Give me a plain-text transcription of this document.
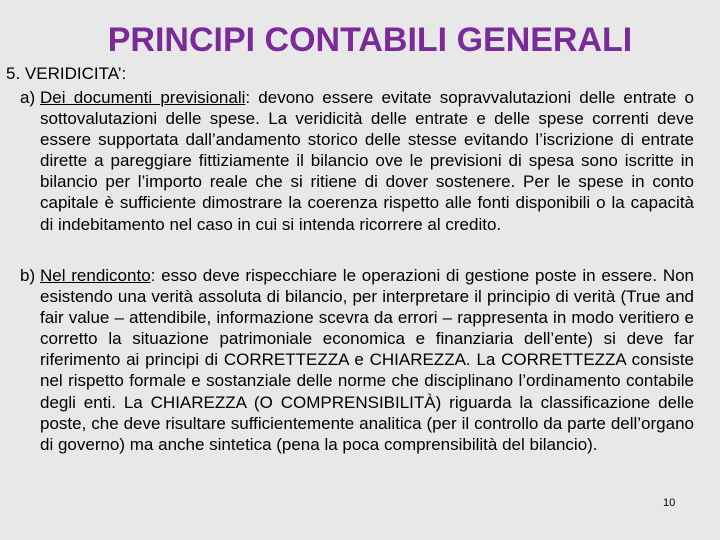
PRINCIPI CONTABILI GENERALI

5. VERIDICITA’:

a) Dei documenti previsionali: devono essere evitate sopravvalutazioni delle entrate o sottovalutazioni delle spese. La veridicità delle entrate e delle spese correnti deve essere supportata dall’andamento storico delle stesse evitando l’iscrizione di entrate dirette a pareggiare fittiziamente il bilancio ove le previsioni di spesa sono iscritte in bilancio per l’importo reale che si ritiene di dover sostenere. Per le spese in conto capitale è sufficiente dimostrare la coerenza rispetto alle fonti disponibili o la capacità di indebitamento nel caso in cui si intenda ricorrere al credito.
b) Nel rendiconto: esso deve rispecchiare le operazioni di gestione poste in essere. Non esistendo una verità assoluta di bilancio, per interpretare il principio di verità (True and fair value – attendibile, informazione scevra da errori – rappresenta in modo veritiero e corretto la situazione patrimoniale economica e finanziaria dell’ente) si deve far riferimento ai principi di CORRETTEZZA e CHIAREZZA. La CORRETTEZZA consiste nel rispetto formale e sostanziale delle norme che disciplinano l’ordinamento contabile degli enti. La CHIAREZZA (O COMPRENSIBILITÀ) riguarda la classificazione delle poste, che deve risultare sufficientemente analitica (per il controllo da parte dell’organo di governo) ma anche sintetica (pena la poca comprensibilità del bilancio).
10
